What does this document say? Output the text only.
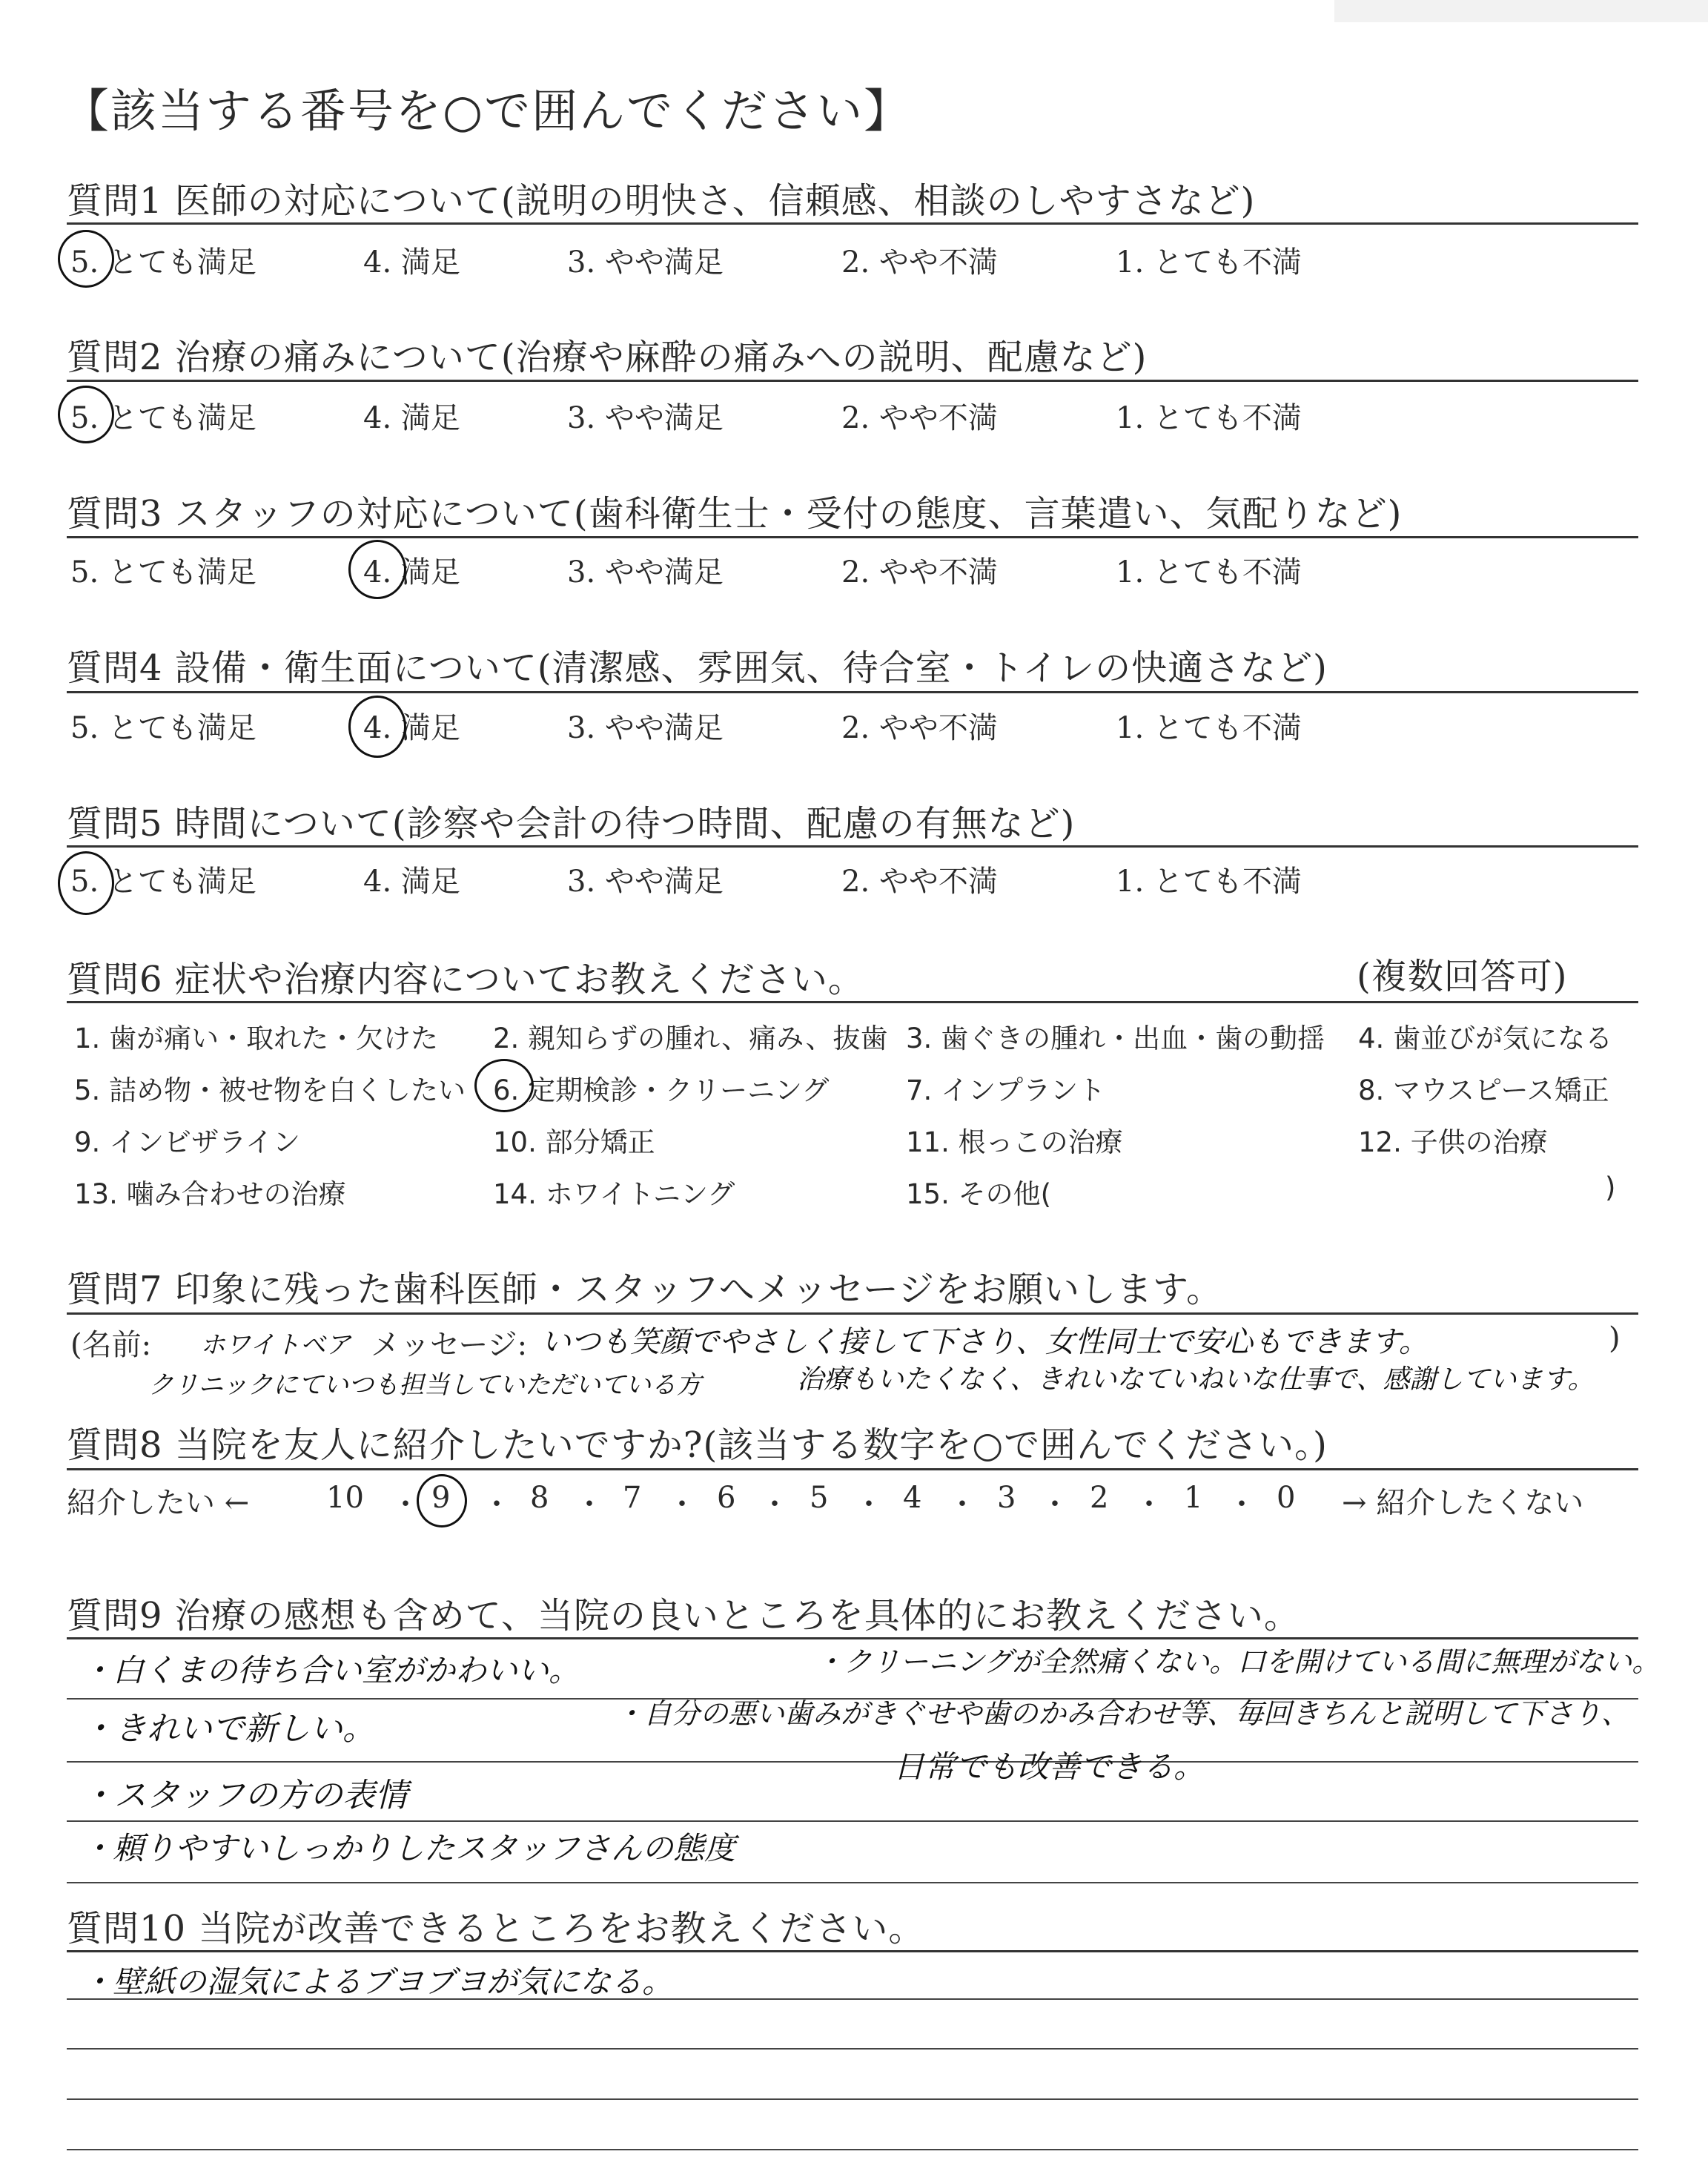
【該当する番号を○で囲んでください】
質問1 医師の対応について(説明の明快さ、信頼感、相談のしやすさなど)
5. とても満足	4. 満足	3. やや満足	2. やや不満	1. とても不満
質問2 治療の痛みについて(治療や麻酔の痛みへの説明、配慮など)
5. とても満足	4. 満足	3. やや満足	2. やや不満	1. とても不満
質問3 スタッフの対応について(歯科衛生士・受付の態度、言葉遣い、気配りなど)
5. とても満足	4. 満足	3. やや満足	2. やや不満	1. とても不満
質問4 設備・衛生面について(清潔感、雰囲気、待合室・トイレの快適さなど)
5. とても満足	4. 満足	3. やや満足	2. やや不満	1. とても不満
質問5 時間について(診察や会計の待つ時間、配慮の有無など)
5. とても満足	4. 満足	3. やや満足	2. やや不満	1. とても不満
質問6 症状や治療内容についてお教えください。	(複数回答可)
1. 歯が痛い・取れた・欠けた 2. 親知らずの腫れ、痛み、抜歯 3. 歯ぐきの腫れ・出血・歯の動揺 4. 歯並びが気になる
5. 詰め物・被せ物を白くしたい 6. 定期検診・クリーニング	7. インプラント	8. マウスピース矯正
9. インビザライン	10. 部分矯正	11. 根っこの治療	12. 子供の治療
13. 噛み合わせの治療	14. ホワイトニング	15. その他(	)
質問7 印象に残った歯科医師・スタッフへメッセージをお願いします。
(名前: ホワイトベア メッセージ: いつも笑顔でやさしく接して下さり、女性同士で安心もできます。	)
クリニックにていつも担当していただいている方	治療もいたくなく、きれいなていねいな仕事で、感謝しています。
質問8 当院を友人に紹介したいですか?(該当する数字を○で囲んでください。)
紹介したい ←	→ 紹介したくない
10 ・ 9 ・ 8 ・ 7 ・ 6 ・ 5 ・ 4 ・ 3 ・ 2 ・ 1 ・ 0
質問9 治療の感想も含めて、当院の良いところを具体的にお教えください。
・白くまの待ち合い室がかわいい。	・クリーニングが全然痛くない。口を開けている間に無理がない。
・きれいで新しい。	・自分の悪い歯みがきぐせや歯のかみ合わせ等、毎回きちんと説明して下さり、
・スタッフの方の表情
日常でも改善できる。
・頼りやすいしっかりしたスタッフさんの態度
質問10 当院が改善できるところをお教えください。
・壁紙の湿気によるブヨブヨが気になる。
